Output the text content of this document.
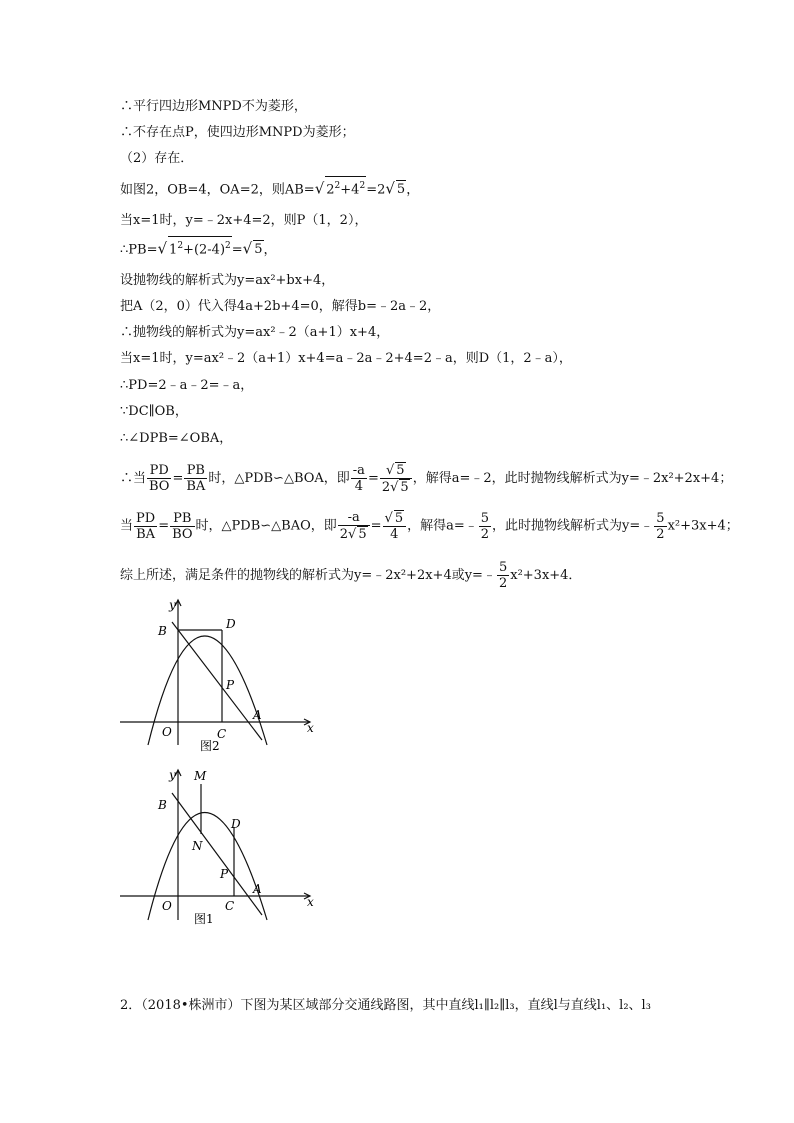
∴平行四边形MNPD不为菱形，
∴不存在点P，使四边形MNPD为菱形；
（2）存在．
如图2，OB=4，OA=2，则AB=√ $2^2+4^2=2√$ 5，
当x=1时，y=﹣2x+4=2，则P（1，2），
∴PB=√ $1^2+(2-4)^2=√$ 5，
设抛物线的解析式为y=ax²+bx+4，
把A（2，0）代入得4a+2b+4=0，解得b=﹣2a﹣2，
∴抛物线的解析式为y=ax²﹣2（a+1）x+4，
当x=1时，y=ax²﹣2（a+1）x+4=a﹣2a﹣2+4=2﹣a，则D（1，2﹣a），
∴PD=2﹣a﹣2=﹣a，
∵DC∥OB，
∴∠DPB=∠OBA，
∴当 $\frac{PD}{BO} = \frac{PB}{BA}$ 时，△PDB∽△BOA，即 $\frac{-a}{4} = \frac{√ 5}{2√ 5}$ ，解得a=﹣2，此时抛物线解析式为y=﹣2x²+2x+4；
当 $\frac{PD}{BA} = \frac{PB}{BO}$ 时，△PDB∽△BAO，即 $\frac{-a}{2√ 5} = \frac{√ 5}{4}$ ，解得a=﹣ $\frac{5}{2}$ ，此时抛物线解析式为y=﹣ $\frac{5}{2} x^2+3x+4$；
综上所述，满足条件的抛物线的解析式为y=﹣2x²+2x+4或y=﹣ $\frac{5}{2} x^2+3x+4$．
y
B	D
P
A
O	C	x
图2
y M
B
D
N
P
A
O	C	x
图1
2．（2018•株洲市）下图为某区域部分交通线路图，其中直线l₁∥l₂∥l₃，直线l与直线l₁、l₂、l₃
